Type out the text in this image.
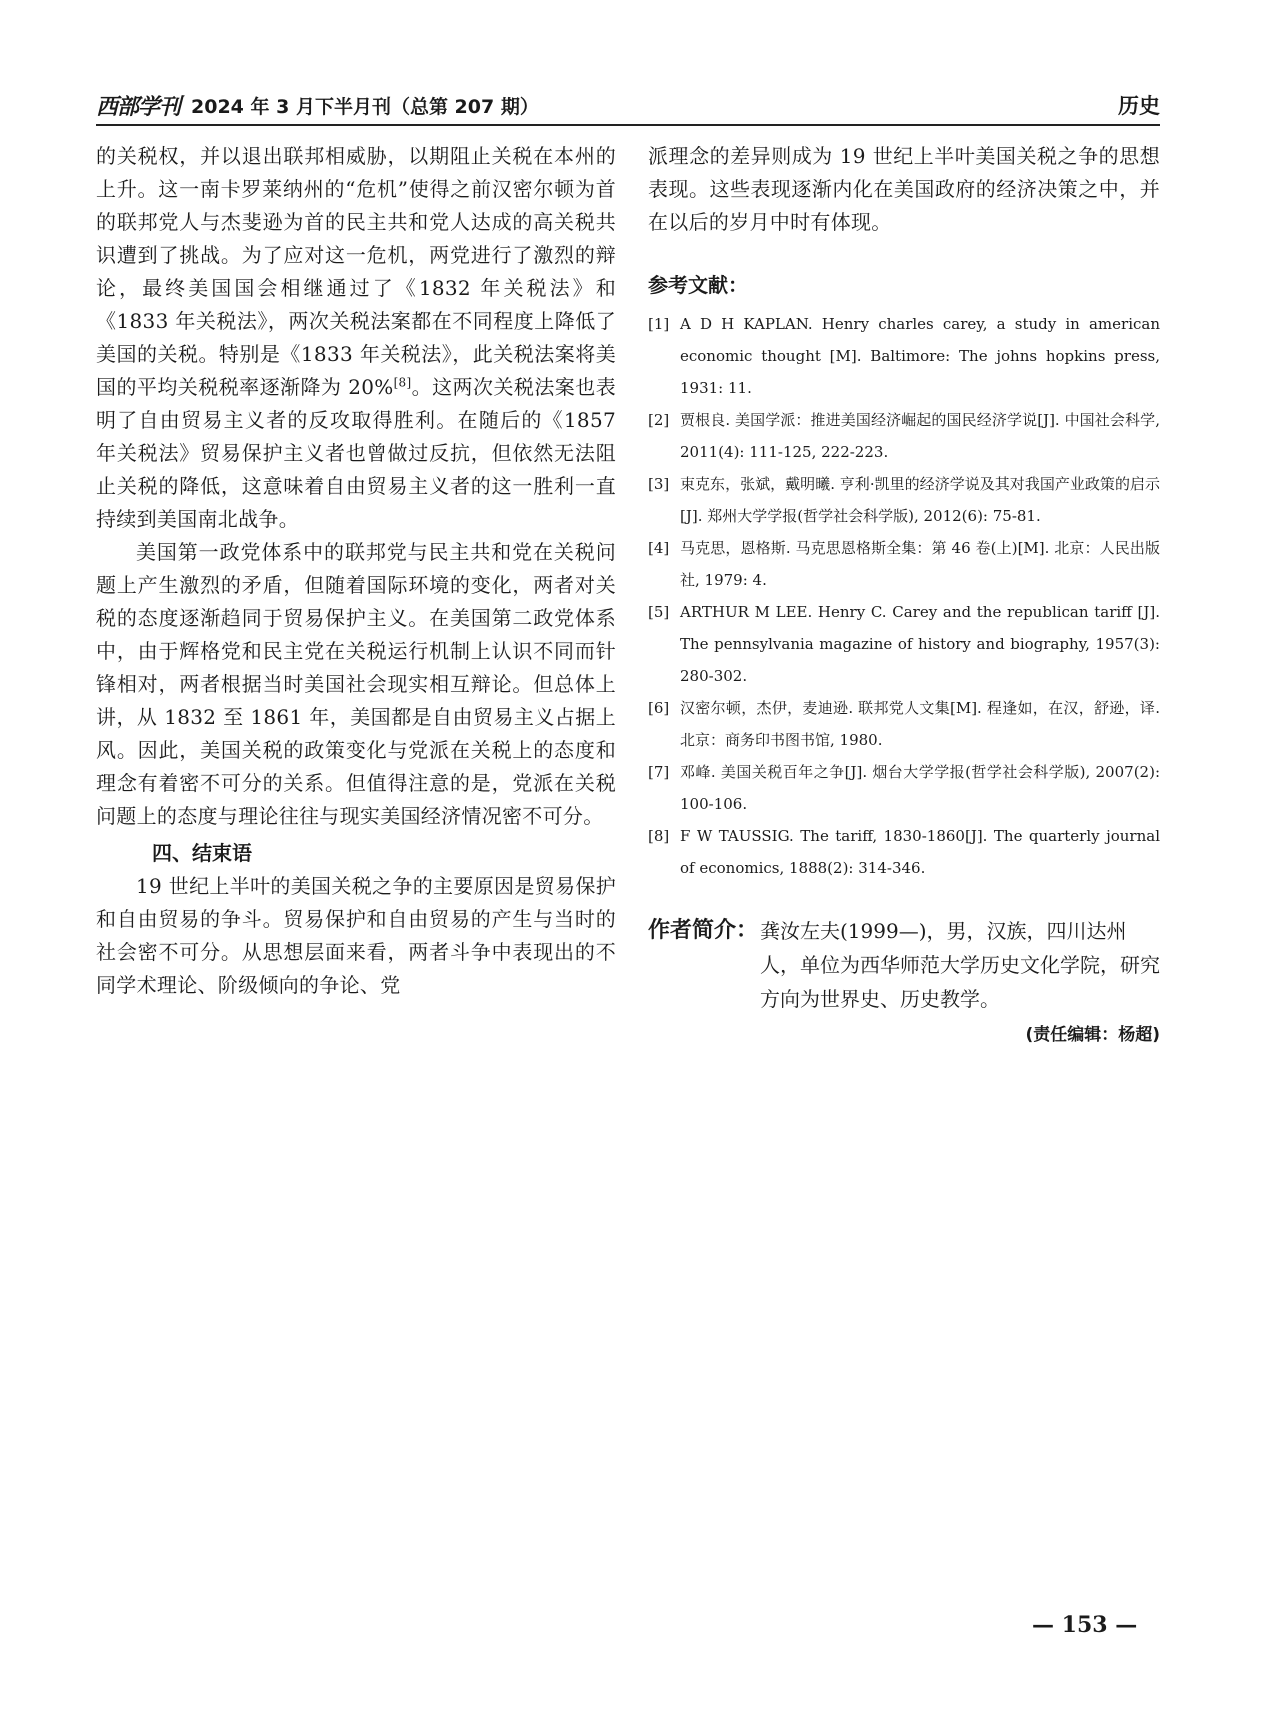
西部学刊 2024 年 3 月下半月刊（总第 207 期）	历史

的关税权，并以退出联邦相威胁，以期阻止关税在本州的上升。这一南卡罗莱纳州的“危机”使得之前汉密尔顿为首的联邦党人与杰斐逊为首的民主共和党人达成的高关税共识遭到了挑战。为了应对这一危机，两党进行了激烈的辩论，最终美国国会相继通过了《1832 年关税法》和《1833 年关税法》，两次关税法案都在不同程度上降低了美国的关税。特别是《1833 年关税法》，此关税法案将美国的平均关税税率逐渐降为 20%[8]。这两次关税法案也表明了自由贸易主义者的反攻取得胜利。在随后的《1857 年关税法》贸易保护主义者也曾做过反抗，但依然无法阻止关税的降低，这意味着自由贸易主义者的这一胜利一直持续到美国南北战争。

美国第一政党体系中的联邦党与民主共和党在关税问题上产生激烈的矛盾，但随着国际环境的变化，两者对关税的态度逐渐趋同于贸易保护主义。在美国第二政党体系中，由于辉格党和民主党在关税运行机制上认识不同而针锋相对，两者根据当时美国社会现实相互辩论。但总体上讲，从 1832 至 1861 年，美国都是自由贸易主义占据上风。因此，美国关税的政策变化与党派在关税上的态度和理念有着密不可分的关系。但值得注意的是，党派在关税问题上的态度与理论往往与现实美国经济情况密不可分。

四、结束语

19 世纪上半叶的美国关税之争的主要原因是贸易保护和自由贸易的争斗。贸易保护和自由贸易的产生与当时的社会密不可分。从思想层面来看，两者斗争中表现出的不同学术理论、阶级倾向的争论、党

派理念的差异则成为 19 世纪上半叶美国关税之争的思想表现。这些表现逐渐内化在美国政府的经济决策之中，并在以后的岁月中时有体现。

参考文献：
[1] A D H KAPLAN. Henry charles carey, a study in american economic thought [M]. Baltimore: The johns hopkins press, 1931: 11.
[2] 贾根良. 美国学派：推进美国经济崛起的国民经济学说[J]. 中国社会科学, 2011(4): 111-125, 222-223.
[3] 束克东，张斌，戴明曦. 亨利·凯里的经济学说及其对我国产业政策的启示[J]. 郑州大学学报(哲学社会科学版), 2012(6): 75-81.
[4] 马克思，恩格斯. 马克思恩格斯全集：第 46 卷(上)[M]. 北京：人民出版社, 1979: 4.
[5] ARTHUR M LEE. Henry C. Carey and the republican tariff [J]. The pennsylvania magazine of history and biography, 1957(3): 280-302.
[6] 汉密尔顿，杰伊，麦迪逊. 联邦党人文集[M]. 程逢如，在汉，舒逊，译. 北京：商务印书图书馆, 1980.
[7] 邓峰. 美国关税百年之争[J]. 烟台大学学报(哲学社会科学版), 2007(2): 100-106.
[8] F W TAUSSIG. The tariff, 1830-1860[J]. The quarterly journal of economics, 1888(2): 314-346.
作者简介： 龚汝左夫(1999—)，男，汉族，四川达州人，单位为西华师范大学历史文化学院，研究方向为世界史、历史教学。
(责任编辑：杨超)
— 153 —
